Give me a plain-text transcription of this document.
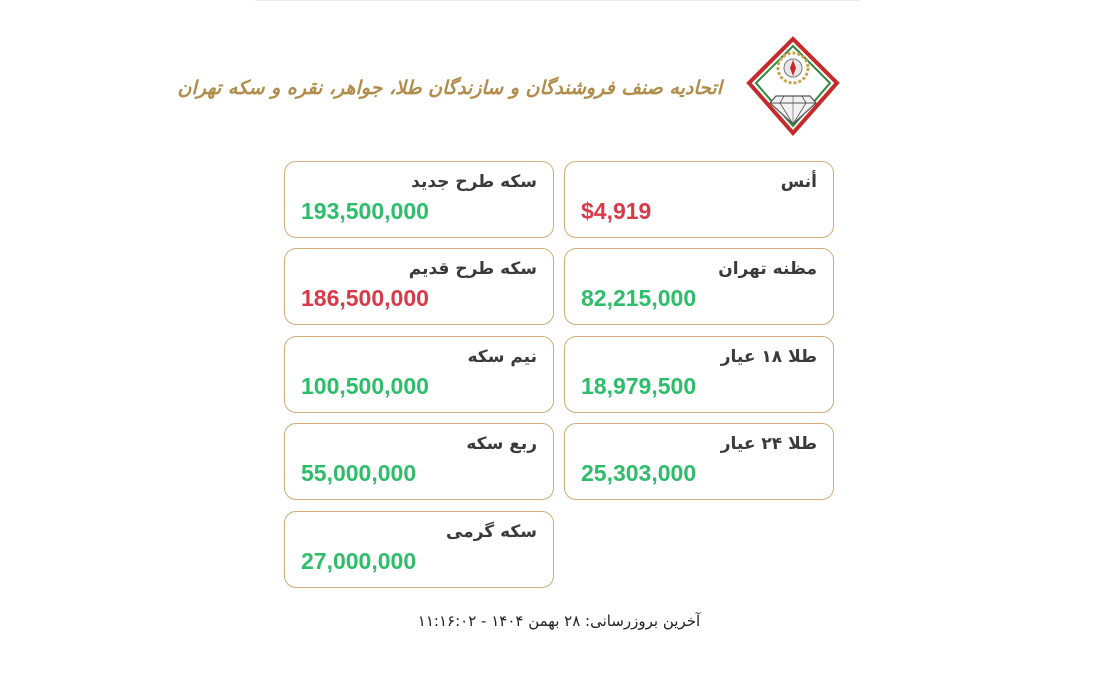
اتحادیه صنف فروشندگان و سازندگان طلا، جواهر، نقره و سکه تهران
سکه طرح جدید
193,500,000
أنس
$4,919
سکه طرح قدیم
186,500,000
مظنه تهران
82,215,000
نیم سکه
100,500,000
طلا ۱۸ عیار
18,979,500
ربع سکه
55,000,000
طلا ۲۴ عیار
25,303,000
سکه گرمی
27,000,000
آخرین بروزرسانی: ۲۸ بهمن ۱۴۰۴ - ۱۱:۱۶:۰۲
